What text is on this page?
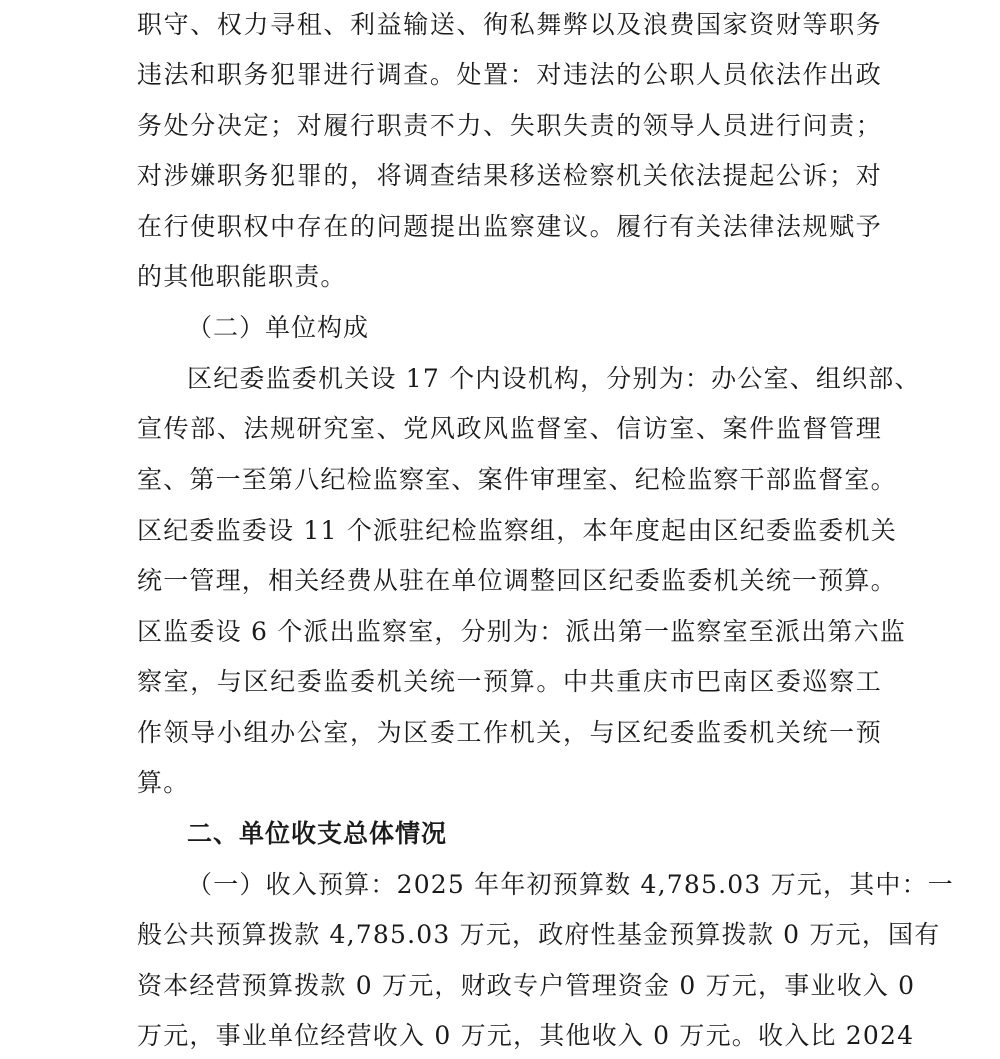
职守、权力寻租、利益输送、徇私舞弊以及浪费国家资财等职务
违法和职务犯罪进行调查。处置：对违法的公职人员依法作出政
务处分决定；对履行职责不力、失职失责的领导人员进行问责；
对涉嫌职务犯罪的，将调查结果移送检察机关依法提起公诉；对
在行使职权中存在的问题提出监察建议。履行有关法律法规赋予
的其他职能职责。
（二）单位构成
区纪委监委机关设 17 个内设机构，分别为：办公室、组织部、
宣传部、法规研究室、党风政风监督室、信访室、案件监督管理
室、第一至第八纪检监察室、案件审理室、纪检监察干部监督室。
区纪委监委设 11 个派驻纪检监察组，本年度起由区纪委监委机关
统一管理，相关经费从驻在单位调整回区纪委监委机关统一预算。
区监委设 6 个派出监察室，分别为：派出第一监察室至派出第六监
察室，与区纪委监委机关统一预算。中共重庆市巴南区委巡察工
作领导小组办公室，为区委工作机关，与区纪委监委机关统一预
算。
二、单位收支总体情况
（一）收入预算：2025 年年初预算数 4,785.03 万元，其中：一
般公共预算拨款 4,785.03 万元，政府性基金预算拨款 0 万元，国有
资本经营预算拨款 0 万元，财政专户管理资金 0 万元，事业收入 0
万元，事业单位经营收入 0 万元，其他收入 0 万元。收入比 2024
